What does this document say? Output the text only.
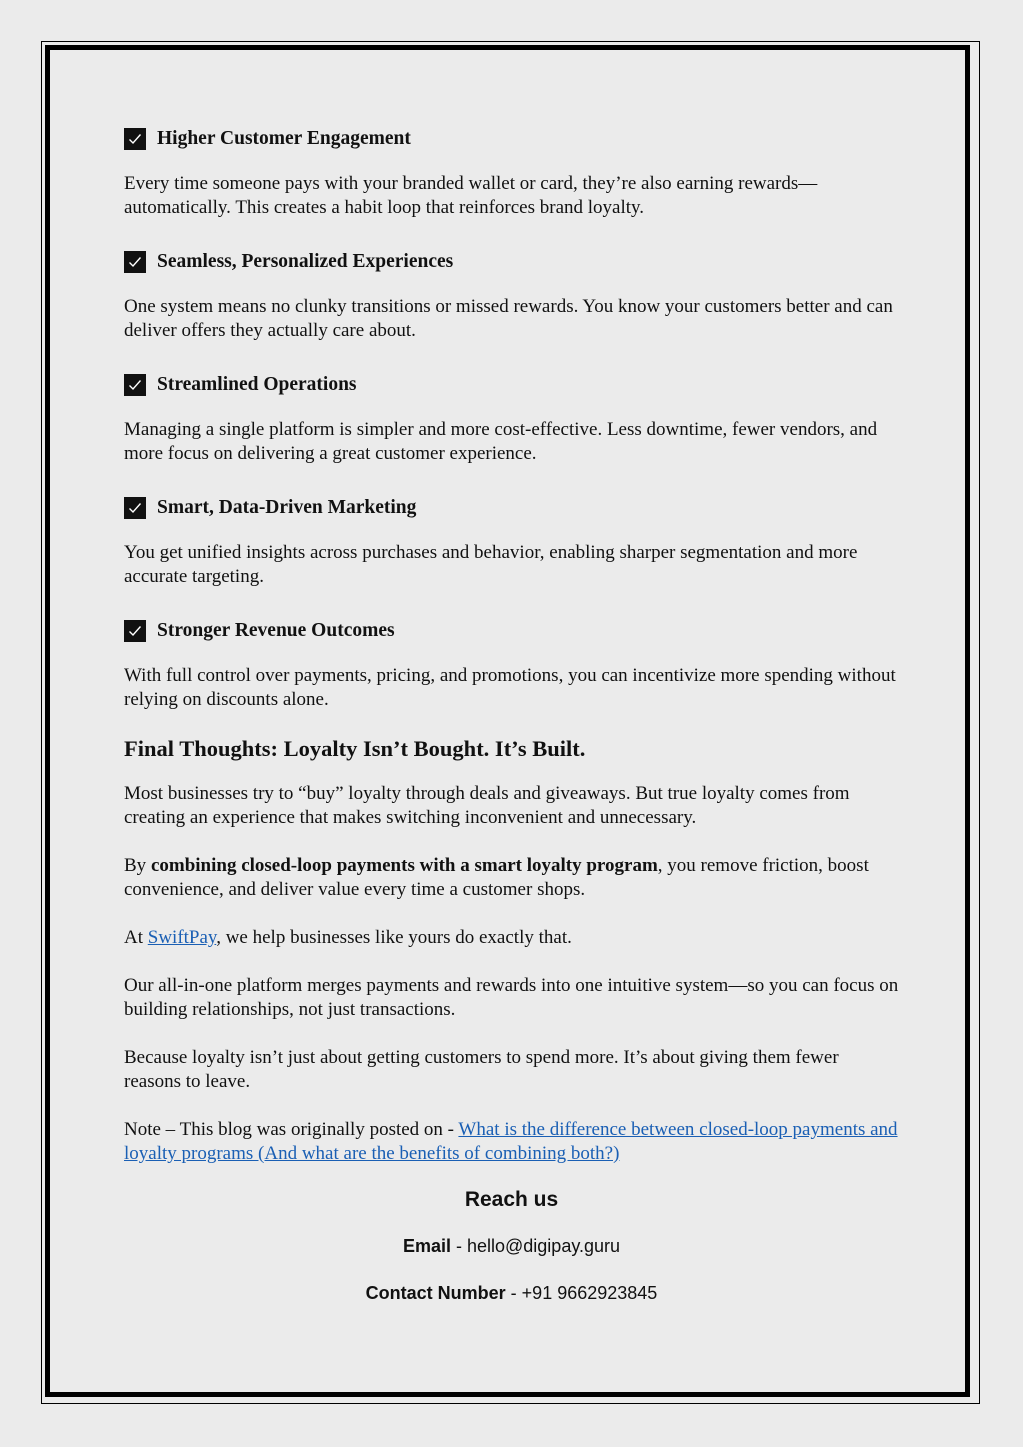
Higher Customer Engagement

Every time someone pays with your branded wallet or card, they’re also earning rewards—automatically. This creates a habit loop that reinforces brand loyalty.

Seamless, Personalized Experiences

One system means no clunky transitions or missed rewards. You know your customers better and can deliver offers they actually care about.

Streamlined Operations

Managing a single platform is simpler and more cost-effective. Less downtime, fewer vendors, and more focus on delivering a great customer experience.

Smart, Data-Driven Marketing

You get unified insights across purchases and behavior, enabling sharper segmentation and more accurate targeting.

Stronger Revenue Outcomes

With full control over payments, pricing, and promotions, you can incentivize more spending without relying on discounts alone.

Final Thoughts: Loyalty Isn’t Bought. It’s Built.

Most businesses try to “buy” loyalty through deals and giveaways. But true loyalty comes from creating an experience that makes switching inconvenient and unnecessary.

By combining closed-loop payments with a smart loyalty program, you remove friction, boost convenience, and deliver value every time a customer shops.

At SwiftPay, we help businesses like yours do exactly that.

Our all-in-one platform merges payments and rewards into one intuitive system—so you can focus on building relationships, not just transactions.

Because loyalty isn’t just about getting customers to spend more. It’s about giving them fewer reasons to leave.

Note – This blog was originally posted on - What is the difference between closed-loop payments and loyalty programs (And what are the benefits of combining both?)

Reach us

Email - hello@digipay.guru

Contact Number - +91 9662923845
